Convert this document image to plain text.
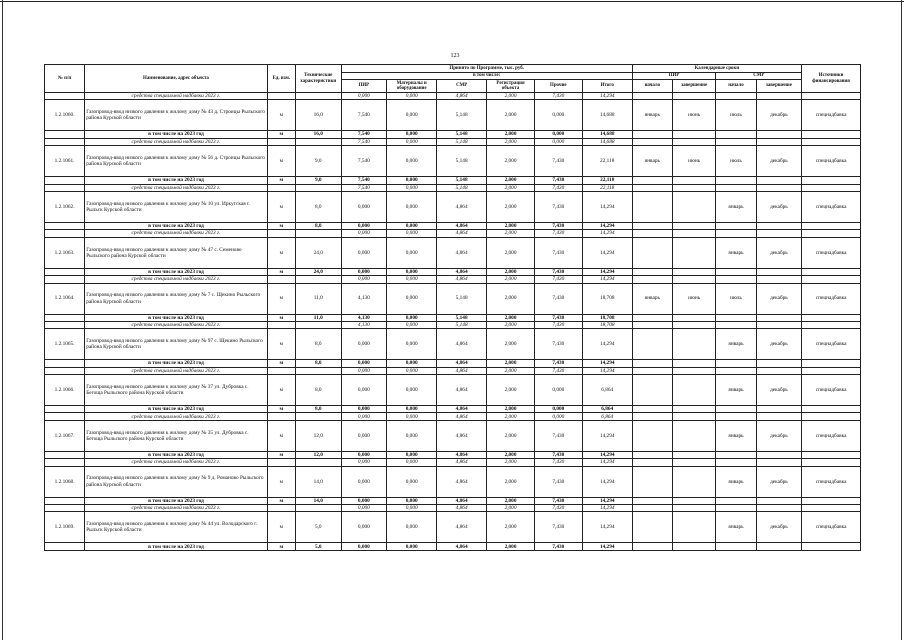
123
№ п/п	Наименование, адрес объекта	Ед. изм.	Технические характеристики	Принято по Программе, тыс. руб.						Календарные сроки				Источники финансирования
				в том числе:						ПИР		СМР		
				ПИР	Материалы и оборудование	СМР	Регистрация объекта	Прочие	Итого	начало	завершение	начало	завершение	
	средства специальной надбавки 2023 г.			0,000	0,000	4,864	2,000	7,430	14,294					
1.2.1060.	Газопровод-ввод низкого давления к жилому дому № 43 д. Строицы Рыльского района Курской области	м	16,0	7,540	0,000	5,148	2,000	0,000	14,688	январь	июнь	июль	декабрь	спецнадбавка
	в том числе на 2023 год	м	16,0	7,540	0,000	5,148	2,000	0,000	14,688					
	средства специальной надбавки 2023 г.			7,540	0,000	5,148	2,000	0,000	14,688					
1.2.1061.	Газопровод-ввод низкого давления к жилому дому № 56 д. Строицы Рыльского района Курской области	м	9,0	7,540	0,000	5,148	2,000	7,430	22,118	январь	июнь	июль	декабрь	спецнадбавка
	в том числе на 2023 год	м	9,0	7,540	0,000	5,148	2,000	7,430	22,118					
	средства специальной надбавки 2023 г.			7,540	0,000	5,148	2,000	7,430	22,118					
1.2.1062.	Газопровод-ввод низкого давления к жилому дому № 10 ул. Иркутская г. Рыльск Курской области	м	8,0	0,000	0,000	4,864	2,000	7,430	14,294			январь	декабрь	спецнадбавка
	в том числе на 2023 год	м	8,0	0,000	0,000	4,864	2,000	7,430	14,294					
	средства специальной надбавки 2023 г.			0,000	0,000	4,864	2,000	7,430	14,294					
1.2.1063.	Газопровод-ввод низкого давления к жилому дому № 47 с. Семеново Рыльского района Курской области	м	24,0	0,000	0,000	4,864	2,000	7,430	14,294			январь	декабрь	спецнадбавка
	в том числе на 2023 год	м	24,0	0,000	0,000	4,864	2,000	7,430	14,294					
	средства специальной надбавки 2023 г.			0,000	0,000	4,864	2,000	7,430	14,294					
1.2.1064.	Газопровод-ввод низкого давления к жилому дому № 7 с. Щекино Рыльского района Курской области	м	11,0	4,130	0,000	5,148	2,000	7,430	18,708	январь	июнь	июль	декабрь	спецнадбавка
	в том числе на 2023 год	м	11,0	4,130	0,000	5,148	2,000	7,430	18,708					
	средства специальной надбавки 2023 г.			4,130	0,000	5,148	2,000	7,430	18,708					
1.2.1065.	Газопровод-ввод низкого давления к жилому дому № 97 с. Щекино Рыльского района Курской области	м	8,0	0,000	0,000	4,864	2,000	7,430	14,294			январь	декабрь	спецнадбавка
	в том числе на 2023 год	м	8,0	0,000	0,000	4,864	2,000	7,430	14,294					
	средства специальной надбавки 2023 г.			0,000	0,000	4,864	2,000	7,430	14,294					
1.2.1066.	Газопровод-ввод низкого давления к жилому дому № 37 ул. Дубровка с. Бегоща Рыльского района Курской области	м	8,0	0,000	0,000	4,864	2,000	0,000	6,864			январь	декабрь	спецнадбавка
	в том числе на 2023 год	м	8,0	0,000	0,000	4,864	2,000	0,000	6,864					
	средства специальной надбавки 2023 г.			0,000	0,000	4,864	2,000	0,000	6,864					
1.2.1067.	Газопровод-ввод низкого давления к жилому дому № 35 ул. Дубровка с. Бегоща Рыльского района Курской области	м	12,0	0,000	0,000	4,864	2,000	7,430	14,294			январь	декабрь	спецнадбавка
	в том числе на 2023 год	м	12,0	0,000	0,000	4,864	2,000	7,430	14,294					
	средства специальной надбавки 2023 г.			0,000	0,000	4,864	2,000	7,430	14,294					
1.2.1068.	Газопровод-ввод низкого давления к жилому дому № 9 д. Романово Рыльского района Курской области	м	14,0	0,000	0,000	4,864	2,000	7,430	14,294			январь	декабрь	спецнадбавка
	в том числе на 2023 год	м	14,0	0,000	0,000	4,864	2,000	7,430	14,294					
	средства специальной надбавки 2023 г.			0,000	0,000	4,864	2,000	7,430	14,294					
1.2.1069.	Газопровод-ввод низкого давления к жилому дому № 44 ул. Володарского г. Рыльск Курской области	м	5,0	0,000	0,000	4,864	2,000	7,430	14,294			январь	декабрь	спецнадбавка
	в том числе на 2023 год	м	5,0	0,000	0,000	4,864	2,000	7,430	14,294					
